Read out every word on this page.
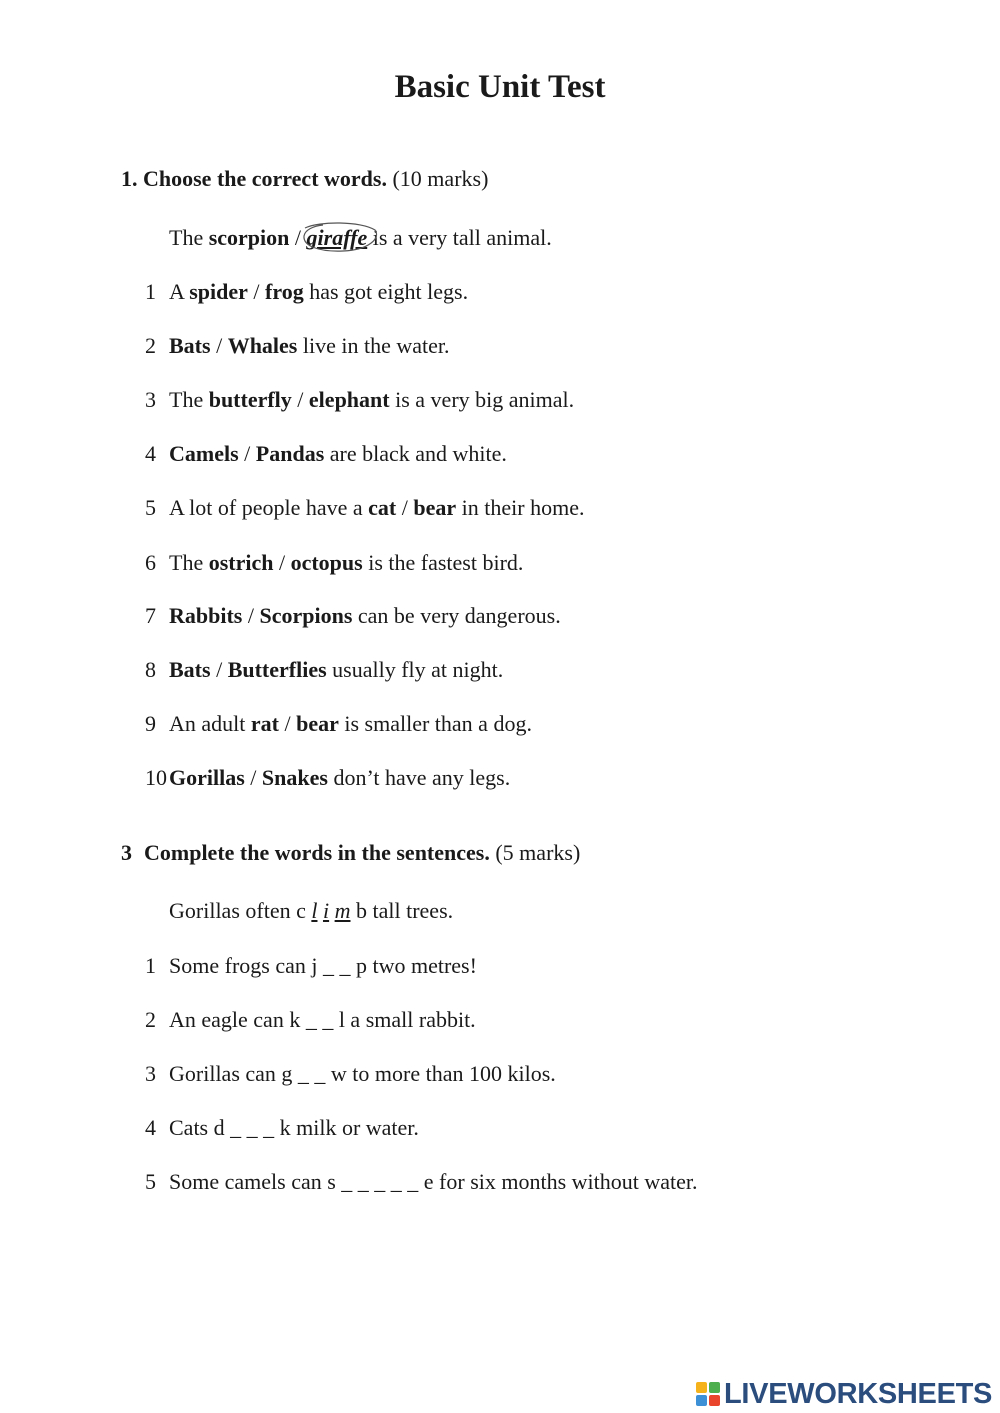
Basic Unit Test
1. Choose the correct words. (10 marks)
The scorpion / giraffe
is a very tall animal.
1 A spider / frog has got eight legs.
2 Bats / Whales live in the water.
3 The butterfly / elephant is a very big animal.
4 Camels / Pandas are black and white.
5 A lot of people have a cat / bear in their home.
6 The ostrich / octopus is the fastest bird.
7 Rabbits / Scorpions can be very dangerous.
8 Bats / Butterflies usually fly at night.
9 An adult rat / bear is smaller than a dog.
10Gorillas / Snakes don’t have any legs.
3 Complete the words in the sentences. (5 marks)
Gorillas often c l i m b tall trees.
1 Some frogs can j _ _ p two metres!
2 An eagle can k _ _ l a small rabbit.
3 Gorillas can g _ _ w to more than 100 kilos.
4 Cats d _ _ _ k milk or water.
5 Some camels can s _ _ _ _ _ e for six months without water.
LIVEWORKSHEETS
